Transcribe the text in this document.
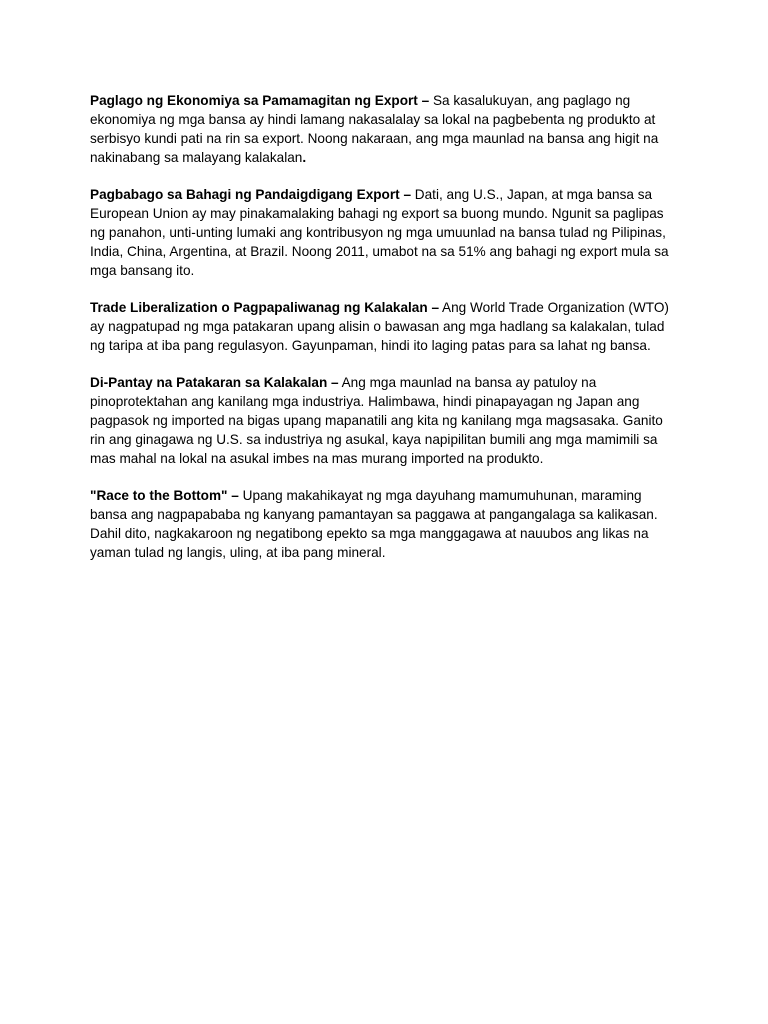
Paglago ng Ekonomiya sa Pamamagitan ng Export – Sa kasalukuyan, ang paglago ng ekonomiya ng mga bansa ay hindi lamang nakasalalay sa lokal na pagbebenta ng produkto at serbisyo kundi pati na rin sa export. Noong nakaraan, ang mga maunlad na bansa ang higit na nakinabang sa malayang kalakalan.

Pagbabago sa Bahagi ng Pandaigdigang Export – Dati, ang U.S., Japan, at mga bansa sa European Union ay may pinakamalaking bahagi ng export sa buong mundo. Ngunit sa paglipas ng panahon, unti-unting lumaki ang kontribusyon ng mga umuunlad na bansa tulad ng Pilipinas, India, China, Argentina, at Brazil. Noong 2011, umabot na sa 51% ang bahagi ng export mula sa mga bansang ito.

Trade Liberalization o Pagpapaliwanag ng Kalakalan – Ang World Trade Organization (WTO) ay nagpatupad ng mga patakaran upang alisin o bawasan ang mga hadlang sa kalakalan, tulad ng taripa at iba pang regulasyon. Gayunpaman, hindi ito laging patas para sa lahat ng bansa.

Di-Pantay na Patakaran sa Kalakalan – Ang mga maunlad na bansa ay patuloy na pinoprotektahan ang kanilang mga industriya. Halimbawa, hindi pinapayagan ng Japan ang pagpasok ng imported na bigas upang mapanatili ang kita ng kanilang mga magsasaka. Ganito rin ang ginagawa ng U.S. sa industriya ng asukal, kaya napipilitan bumili ang mga mamimili sa mas mahal na lokal na asukal imbes na mas murang imported na produkto.

"Race to the Bottom" – Upang makahikayat ng mga dayuhang mamumuhunan, maraming bansa ang nagpapababa ng kanyang pamantayan sa paggawa at pangangalaga sa kalikasan. Dahil dito, nagkakaroon ng negatibong epekto sa mga manggagawa at nauubos ang likas na yaman tulad ng langis, uling, at iba pang mineral.
